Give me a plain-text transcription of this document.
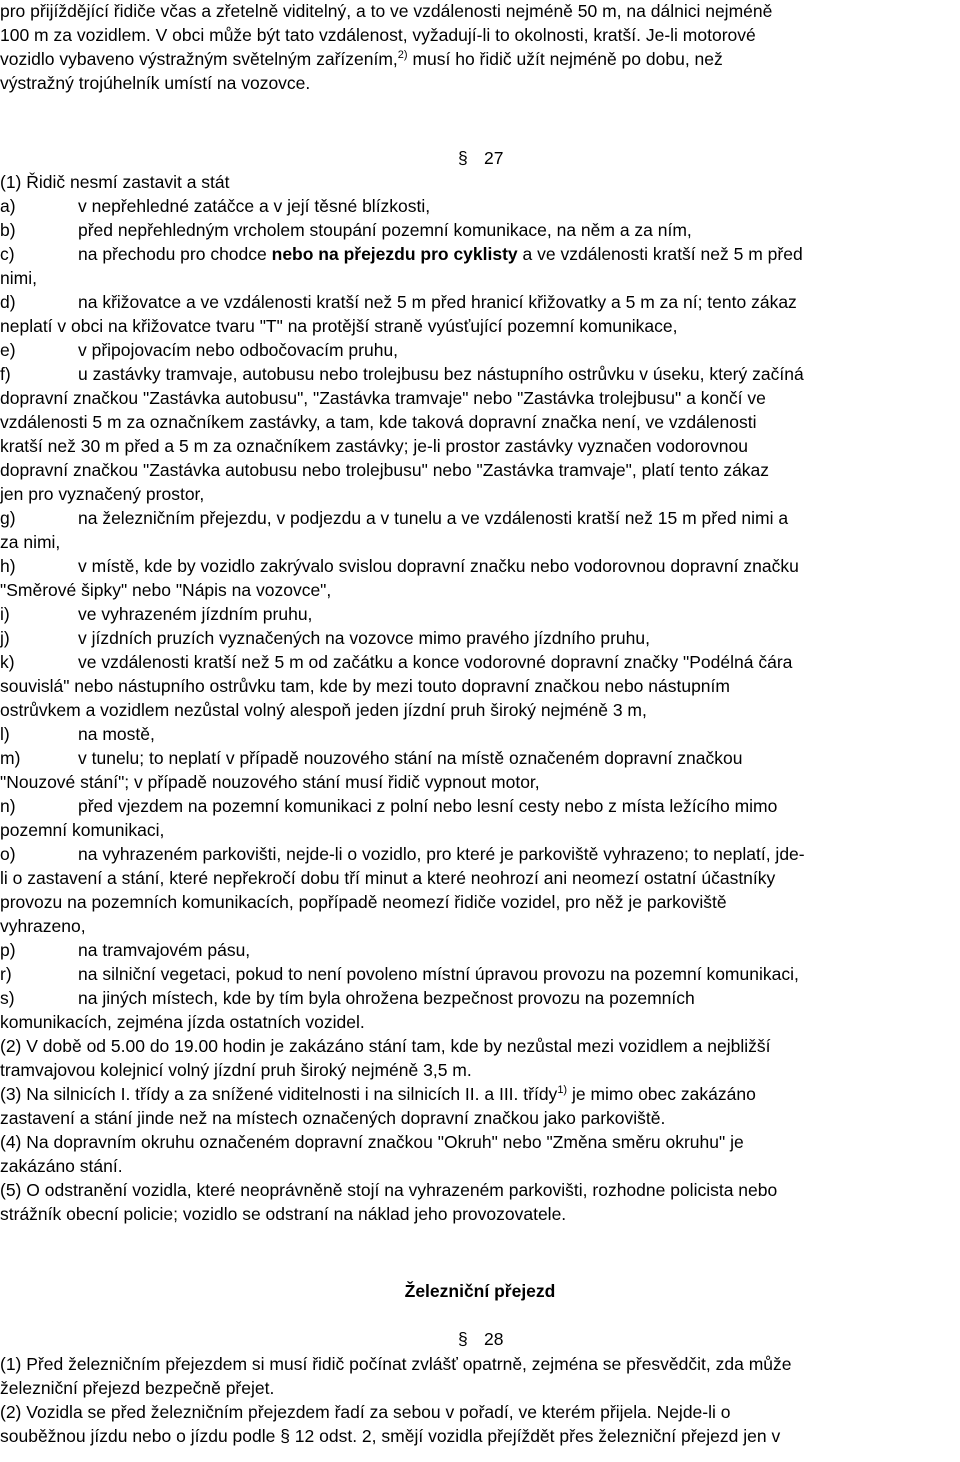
pro přijíždějící řidiče včas a zřetelně viditelný, a to ve vzdálenosti nejméně 50 m, na dálnici nejméně
100 m za vozidlem. V obci může být tato vzdálenost, vyžadují-li to okolnosti, kratší. Je-li motorové
vozidlo vybaveno výstražným světelným zařízením,$^{2)}$ musí ho řidič užít nejméně po dobu, než
výstražný trojúhelník umístí na vozovce.
§ 27
(1) Řidič nesmí zastavit a stát
a)	v nepřehledné zatáčce a v její těsné blízkosti,
b)	před nepřehledným vrcholem stoupání pozemní komunikace, na něm a za ním,
c)	na přechodu pro chodce nebo na přejezdu pro cyklisty a ve vzdálenosti kratší než 5 m před
nimi,
d)	na křižovatce a ve vzdálenosti kratší než 5 m před hranicí křižovatky a 5 m za ní; tento zákaz
neplatí v obci na křižovatce tvaru "T" na protější straně vyúsťující pozemní komunikace,
e)	v připojovacím nebo odbočovacím pruhu,
f)	u zastávky tramvaje, autobusu nebo trolejbusu bez nástupního ostrůvku v úseku, který začíná
dopravní značkou "Zastávka autobusu", "Zastávka tramvaje" nebo "Zastávka trolejbusu" a končí ve
vzdálenosti 5 m za označníkem zastávky, a tam, kde taková dopravní značka není, ve vzdálenosti
kratší než 30 m před a 5 m za označníkem zastávky; je-li prostor zastávky vyznačen vodorovnou
dopravní značkou "Zastávka autobusu nebo trolejbusu" nebo "Zastávka tramvaje", platí tento zákaz
jen pro vyznačený prostor,
g)	na železničním přejezdu, v podjezdu a v tunelu a ve vzdálenosti kratší než 15 m před nimi a
za nimi,
h)	v místě, kde by vozidlo zakrývalo svislou dopravní značku nebo vodorovnou dopravní značku
"Směrové šipky" nebo "Nápis na vozovce",
i)	ve vyhrazeném jízdním pruhu,
j)	v jízdních pruzích vyznačených na vozovce mimo pravého jízdního pruhu,
k)	ve vzdálenosti kratší než 5 m od začátku a konce vodorovné dopravní značky "Podélná čára
souvislá" nebo nástupního ostrůvku tam, kde by mezi touto dopravní značkou nebo nástupním
ostrůvkem a vozidlem nezůstal volný alespoň jeden jízdní pruh široký nejméně 3 m,
l)	na mostě,
m)	v tunelu; to neplatí v případě nouzového stání na místě označeném dopravní značkou
"Nouzové stání"; v případě nouzového stání musí řidič vypnout motor,
n)	před vjezdem na pozemní komunikaci z polní nebo lesní cesty nebo z místa ležícího mimo
pozemní komunikaci,
o)	na vyhrazeném parkovišti, nejde-li o vozidlo, pro které je parkoviště vyhrazeno; to neplatí, jde-
li o zastavení a stání, které nepřekročí dobu tří minut a které neohrozí ani neomezí ostatní účastníky
provozu na pozemních komunikacích, popřípadě neomezí řidiče vozidel, pro něž je parkoviště
vyhrazeno,
p)	na tramvajovém pásu,
r)	na silniční vegetaci, pokud to není povoleno místní úpravou provozu na pozemní komunikaci,
s)	na jiných místech, kde by tím byla ohrožena bezpečnost provozu na pozemních
komunikacích, zejména jízda ostatních vozidel.
(2) V době od 5.00 do 19.00 hodin je zakázáno stání tam, kde by nezůstal mezi vozidlem a nejbližší
tramvajovou kolejnicí volný jízdní pruh široký nejméně 3,5 m.
(3) Na silnicích I. třídy a za snížené viditelnosti i na silnicích II. a III. třídy$^{1)}$ je mimo obec zakázáno
zastavení a stání jinde než na místech označených dopravní značkou jako parkoviště.
(4) Na dopravním okruhu označeném dopravní značkou "Okruh" nebo "Změna směru okruhu" je
zakázáno stání.
(5) O odstranění vozidla, které neoprávněně stojí na vyhrazeném parkovišti, rozhodne policista nebo
strážník obecní policie; vozidlo se odstraní na náklad jeho provozovatele.
Železniční přejezd
§ 28
(1) Před železničním přejezdem si musí řidič počínat zvlášť opatrně, zejména se přesvědčit, zda může
železniční přejezd bezpečně přejet.
(2) Vozidla se před železničním přejezdem řadí za sebou v pořadí, ve kterém přijela. Nejde-li o
souběžnou jízdu nebo o jízdu podle § 12 odst. 2, smějí vozidla přejíždět přes železniční přejezd jen v
